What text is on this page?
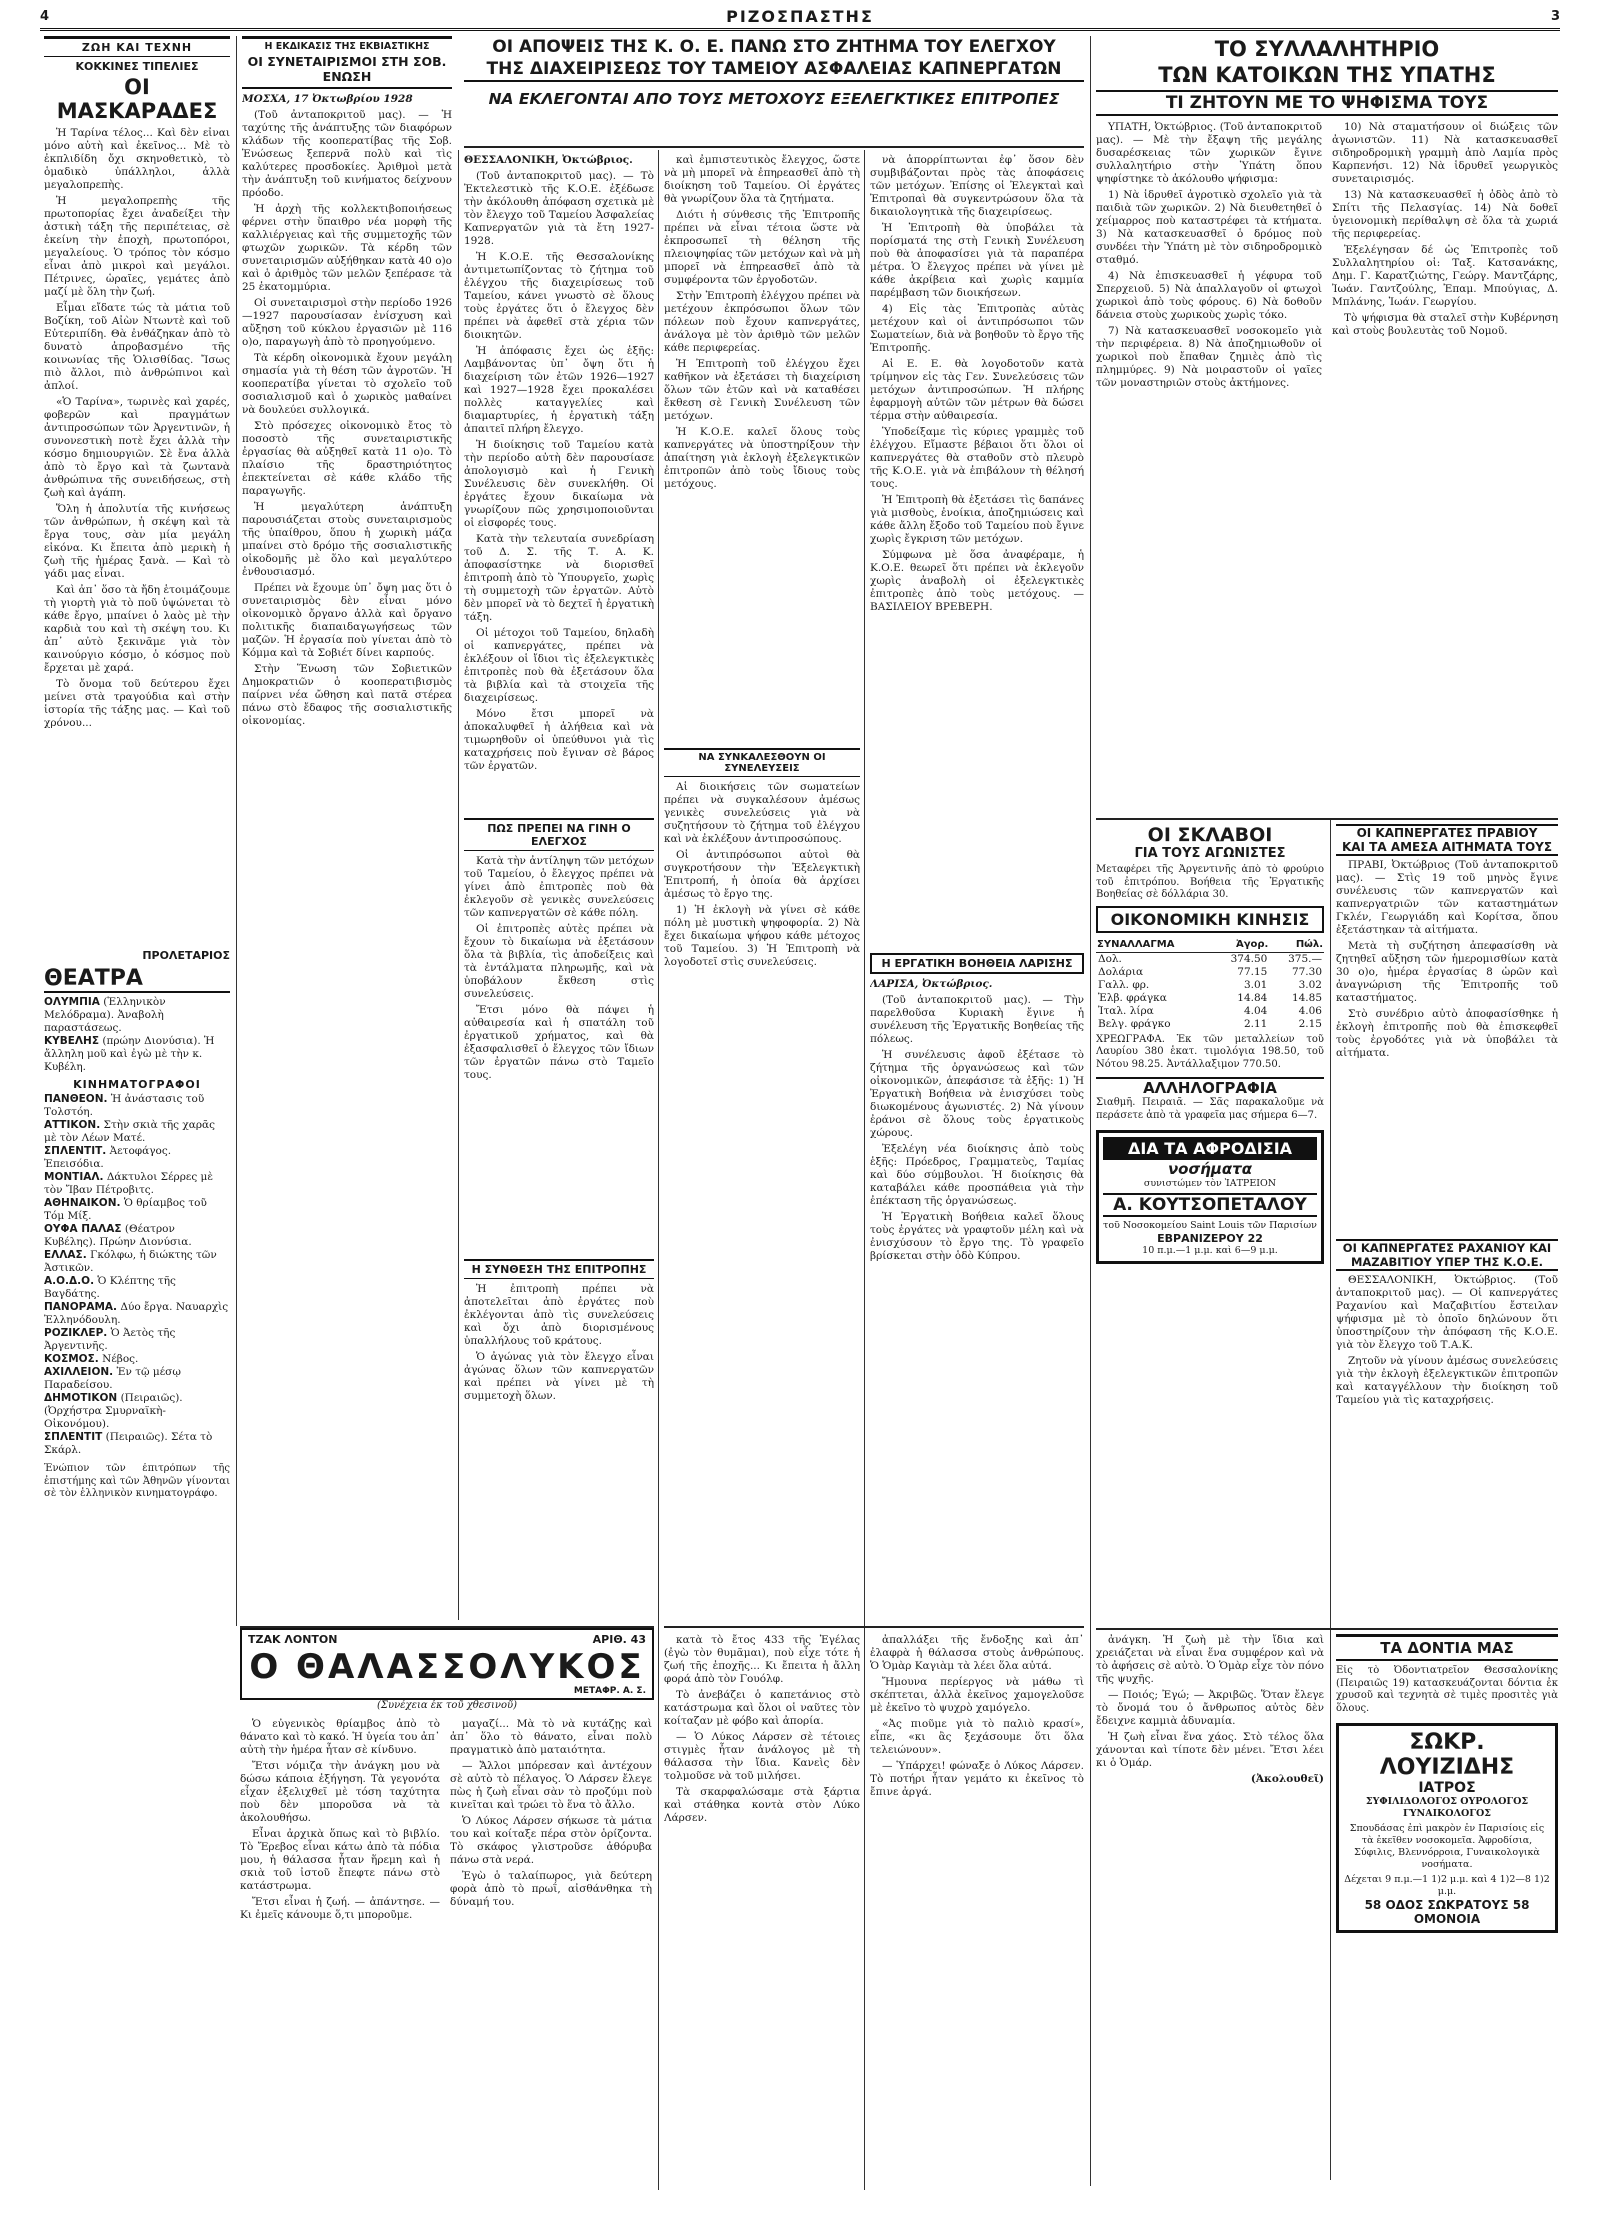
4	ΡΙΖΟΣΠΑΣΤΗΣ	3
ΖΩΗ ΚΑΙ ΤΕΧΝΗ
ΚΟΚΚΙΝΕΣ ΤΙΠΕΛΙΕΣ
ΟΙ ΜΑΣΚΑΡΑΔΕΣ

Ἡ Ταρίνα τέλος... Καὶ δὲν εἶναι μόνο αὐτὴ καὶ ἐκεῖνος... Μὲ τὸ ἐκπλιδίδη ὄχι σκηνοθετικὸ, τὸ ὁμαδικὸ ὑπάλληλοι, ἀλλὰ μεγαλοπρεπὴς.

Ἡ μεγαλοπρεπὴς τῆς πρωτοπορίας ἔχει ἀναδείξει τὴν ἀστικὴ τάξη τῆς περιπέτειας, σὲ ἐκείνη τὴν ἐποχὴ, πρωτοπόροι, μεγαλείους. Ὁ τρόπος τὸν κόσμο εἶναι ἀπὸ μικροὶ καὶ μεγάλοι. Πέτρινες, ὡραῖες, γεμάτες ἀπὸ μαζί μὲ ὅλη τὴν ζωή.

Εἶμαι εἴδατε τώς τὰ μάτια τοῦ Βοζίκη, τοῦ Αἰὼν Ντωντὲ καὶ τοῦ Εὐτεριπίδη. Θὰ ἐνθάζηκαν ἀπὸ τὸ δυνατὸ ἀπροβασμένο τῆς κοινωνίας τῆς Ὁλισθίδας. Ἴσως πιὸ ἄλλοι, πιὸ ἀνθρώπινοι καὶ ἀπλοί.

«Ὁ Ταρίνα», τωρινὲς καὶ χαρές, φοβερῶν καὶ πραγμάτων ἀντιπροσώπων τῶν Ἀργεντινῶν, ἡ συνονεστικὴ ποτὲ ἔχει ἀλλὰ τὴν κόσμο δημιουργιῶν. Σὲ ἔνα ἀλλὰ ἀπὸ τὸ ἔργο καὶ τὰ ζωντανὰ ἀνθρώπινα τῆς συνειδήσεως, στὴ ζωὴ καὶ ἀγάπη.

Ὅλη ἡ ἀπολυτία τῆς κινήσεως τῶν ἀνθρώπων, ἡ σκέψη καὶ τὰ ἔργα τους, σὰν μία μεγάλη εἰκόνα. Κι ἔπειτα ἀπὸ μερικὴ ἡ ζωὴ τῆς ἡμέρας ξανὰ. — Καὶ τὸ γάδι μας εἶναι.

Καὶ ἀπ᾽ ὅσο τὰ ἤδη ἑτοιμάζουμε τὴ γιορτὴ γιὰ τὸ ποῦ ὑψώνεται τὸ κάθε ἔργο, μπαίνει ὁ λαὸς μὲ τὴν καρδιὰ του καὶ τὴ σκέψη του. Κι ἀπ᾽ αὐτὸ ξεκινᾶμε γιὰ τὸν καινούργιο κόσμο, ὁ κόσμος ποὺ ἔρχεται μὲ χαρά.

Τὸ ὄνομα τοῦ δεύτερου ἔχει μείνει στὰ τραγούδια καὶ στὴν ἱστορία τῆς τάξης μας. — Καὶ τοῦ χρόνου...

ΠΡΟΛΕΤΑΡΙΟΣ
ΘΕΑΤΡΑ

ΟΛΥΜΠΙΑ (Ἑλληνικὸν Μελόδραμα). Ἀναβολὴ παραστάσεως.

ΚΥΒΕΛΗΣ (πρώην Διονύσια). Ἡ ἄλληλη μοῦ καὶ ἐγὼ μὲ τὴν κ. Κυβέλη.

ΚΙΝΗΜΑΤΟΓΡΑΦΟΙ

ΠΑΝΘΕΟΝ. Ἡ ἀνάστασις τοῦ Τολστόη.

ΑΤΤΙΚΟΝ. Στὴν σκιὰ τῆς χαρᾶς μὲ τὸν Λέων Ματέ.

ΣΠΛΕΝΤΙΤ. Ἀετοφάγος. Ἐπεισόδια.

ΜΟΝΤΙΑΛ. Δάκτυλοι Σέρρες μὲ τὸν Ἴβαν Πέτροβιτς.

ΑΘΗΝΑΙΚΟΝ. Ὁ θρίαμβος τοῦ Τόμ Μίξ.

ΟΥΦΑ ΠΑΛΑΣ (Θέατρον Κυβέλης). Πρώην Διονύσια.

ΕΛΛΑΣ. Γκόλφω, ἡ διώκτης τῶν Ἀστικῶν.

Α.Ο.Δ.Ο. Ὁ Κλέπτης τῆς Βαγδάτης.

ΠΑΝΟΡΑΜΑ. Δύο ἔργα. Ναυαρχὶς Ἐλληνόδουλη.

ΡΟΖΙΚΛΕΡ. Ὁ Ἀετὸς τῆς Ἀργεντινῆς.

ΚΟΣΜΟΣ. Νέβος.

ΑΧΙΛΛΕΙΟΝ. Ἐν τῷ μέσῳ Παραδείσου.

ΔΗΜΟΤΙΚΟΝ (Πειραιῶς). (Ὀρχήστρα Σμυρναϊκὴ-Οἰκονόμου).

ΣΠΛΕΝΤΙΤ (Πειραιῶς). Σέτα τὸ Σκάρλ.

Ἐνώπιον τῶν ἐπιτρόπων τῆς ἐπιστήμης καὶ τῶν Ἀθηνῶν γίνονται σὲ τὸν ἑλληνικὸν κινηματογράφο.
Η ΕΚΔΙΚΑΣΙΣ ΤΗΣ ΕΚΒΙΑΣΤΙΚΗΣ
ΟΙ ΣΥΝΕΤΑΙΡΙΣΜΟΙ ΣΤΗ ΣΟΒ. ΕΝΩΣΗ

ΜΟΣΧΑ, 17 Ὀκτωβρίου 1928

(Τοῦ ἀνταποκριτοῦ μας). — Ἡ ταχύτης τῆς ἀνάπτυξης τῶν διαφόρων κλάδων τῆς κοοπερατίβας τῆς Σοβ. Ἑνώσεως ξεπερνᾶ πολὺ καὶ τὶς καλύτερες προσδοκίες. Ἀριθμοὶ μετὰ τὴν ἀνάπτυξη τοῦ κινήματος δείχνουν πρόοδο.

Ἡ ἀρχὴ τῆς κολλεκτιβοποιήσεως φέρνει στὴν ὕπαιθρο νέα μορφὴ τῆς καλλιέργειας καὶ τῆς συμμετοχῆς τῶν φτωχῶν χωρικῶν. Τὰ κέρδη τῶν συνεταιρισμῶν αὐξήθηκαν κατὰ 40 ο)ο καὶ ὁ ἀριθμὸς τῶν μελῶν ξεπέρασε τὰ 25 ἑκατομμύρια.

Οἱ συνεταιρισμοὶ στὴν περίοδο 1926—1927 παρουσίασαν ἐνίσχυση καὶ αὔξηση τοῦ κύκλου ἐργασιῶν μὲ 116 ο)ο, παραγωγὴ ἀπὸ τὸ προηγούμενο.

Τὰ κέρδη οἰκονομικὰ ἔχουν μεγάλη σημασία γιὰ τὴ θέση τῶν ἀγροτῶν. Ἡ κοοπερατίβα γίνεται τὸ σχολεῖο τοῦ σοσιαλισμοῦ καὶ ὁ χωρικὸς μαθαίνει νὰ δουλεύει συλλογικά.

Στὸ πρόσεχες οἰκονομικὸ ἔτος τὸ ποσοστὸ τῆς συνεταιριστικῆς ἐργασίας θὰ αὐξηθεῖ κατὰ 11 ο)ο. Τὸ πλαίσιο τῆς δραστηριότητος ἐπεκτείνεται σὲ κάθε κλάδο τῆς παραγωγῆς.

Ἡ μεγαλύτερη ἀνάπτυξη παρουσιάζεται στοὺς συνεταιρισμοὺς τῆς ὑπαίθρου, ὅπου ἡ χωρικὴ μάζα μπαίνει στὸ δρόμο τῆς σοσιαλιστικῆς οἰκοδομῆς μὲ ὅλο καὶ μεγαλύτερο ἐνθουσιασμό.

Πρέπει νὰ ἔχουμε ὑπ᾽ ὄψη μας ὅτι ὁ συνεταιρισμὸς δὲν εἶναι μόνο οἰκονομικὸ ὄργανο ἀλλὰ καὶ ὄργανο πολιτικῆς διαπαιδαγωγήσεως τῶν μαζῶν. Ἡ ἐργασία ποὺ γίνεται ἀπὸ τὸ Κόμμα καὶ τὰ Σοβιέτ δίνει καρπούς.

Στὴν Ἕνωση τῶν Σοβιετικῶν Δημοκρατιῶν ὁ κοοπερατιβισμὸς παίρνει νέα ὤθηση καὶ πατᾶ στέρεα πάνω στὸ ἔδαφος τῆς σοσιαλιστικῆς οἰκονομίας.

ΟΙ ΑΠΟΨΕΙΣ ΤΗΣ Κ. Ο. Ε. ΠΑΝΩ ΣΤΟ ΖΗΤΗΜΑ ΤΟΥ ΕΛΕΓΧΟΥ
ΤΗΣ ΔΙΑΧΕΙΡΙΣΕΩΣ ΤΟΥ ΤΑΜΕΙΟΥ ΑΣΦΑΛΕΙΑΣ ΚΑΠΝΕΡΓΑΤΩΝ
ΝΑ ΕΚΛΕΓΟΝΤΑΙ ΑΠΟ ΤΟΥΣ ΜΕΤΟΧΟΥΣ ΕΞΕΛΕΓΚΤΙΚΕΣ ΕΠΙΤΡΟΠΕΣ

ΘΕΣΣΑΛΟΝΙΚΗ, Ὀκτώβριος.

(Τοῦ ἀνταποκριτοῦ μας). — Τὸ Ἐκτελεστικὸ τῆς Κ.Ο.Ε. ἐξέδωσε τὴν ἀκόλουθη ἀπόφαση σχετικὰ μὲ τὸν ἔλεγχο τοῦ Ταμείου Ἀσφαλείας Καπνεργατῶν γιὰ τὰ ἔτη 1927-1928.

Ἡ Κ.Ο.Ε. τῆς Θεσσαλονίκης ἀντιμετωπίζοντας τὸ ζήτημα τοῦ ἐλέγχου τῆς διαχειρίσεως τοῦ Ταμείου, κάνει γνωστὸ σὲ ὅλους τοὺς ἐργάτες ὅτι ὁ ἔλεγχος δὲν πρέπει νὰ ἀφεθεῖ στὰ χέρια τῶν διοικητῶν.

Ἡ ἀπόφασις ἔχει ὡς ἑξῆς: Λαμβάνοντας ὑπ᾽ ὄψη ὅτι ἡ διαχείριση τῶν ἐτῶν 1926—1927 καὶ 1927—1928 ἔχει προκαλέσει πολλὲς καταγγελίες καὶ διαμαρτυρίες, ἡ ἐργατικὴ τάξη ἀπαιτεῖ πλήρη ἔλεγχο.

Ἡ διοίκησις τοῦ Ταμείου κατὰ τὴν περίοδο αὐτὴ δὲν παρουσίασε ἀπολογισμὸ καὶ ἡ Γενικὴ Συνέλευσις δὲν συνεκλήθη. Οἱ ἐργάτες ἔχουν δικαίωμα νὰ γνωρίζουν πῶς χρησιμοποιοῦνται οἱ εἰσφορές τους.

Κατὰ τὴν τελευταία συνεδρίαση τοῦ Δ. Σ. τῆς Τ. Α. Κ. ἀποφασίστηκε νὰ διορισθεῖ ἐπιτροπὴ ἀπὸ τὸ Ὑπουργεῖο, χωρὶς τὴ συμμετοχὴ τῶν ἐργατῶν. Αὐτὸ δὲν μπορεῖ νὰ τὸ δεχτεῖ ἡ ἐργατικὴ τάξη.

Οἱ μέτοχοι τοῦ Ταμείου, δηλαδὴ οἱ καπνεργάτες, πρέπει νὰ ἐκλέξουν οἱ ἴδιοι τὶς ἐξελεγκτικὲς ἐπιτροπὲς ποὺ θὰ ἐξετάσουν ὅλα τὰ βιβλία καὶ τὰ στοιχεῖα τῆς διαχειρίσεως.

Μόνο ἔτσι μπορεῖ νὰ ἀποκαλυφθεῖ ἡ ἀλήθεια καὶ νὰ τιμωρηθοῦν οἱ ὑπεύθυνοι γιὰ τὶς καταχρήσεις ποὺ ἔγιναν σὲ βάρος τῶν ἐργατῶν.

ΠΩΣ ΠΡΕΠΕΙ ΝΑ ΓΙΝΗ Ο ΕΛΕΓΧΟΣ

Κατὰ τὴν ἀντίληψη τῶν μετόχων τοῦ Ταμείου, ὁ ἔλεγχος πρέπει νὰ γίνει ἀπὸ ἐπιτροπὲς ποὺ θὰ ἐκλεγοῦν σὲ γενικὲς συνελεύσεις τῶν καπνεργατῶν σὲ κάθε πόλη.

Οἱ ἐπιτροπὲς αὐτὲς πρέπει νὰ ἔχουν τὸ δικαίωμα νὰ ἐξετάσουν ὅλα τὰ βιβλία, τὶς ἀποδείξεις καὶ τὰ ἐντάλματα πληρωμῆς, καὶ νὰ ὑποβάλουν ἔκθεση στὶς συνελεύσεις.

Ἔτσι μόνο θὰ πάψει ἡ αὐθαιρεσία καὶ ἡ σπατάλη τοῦ ἐργατικοῦ χρήματος, καὶ θὰ ἐξασφαλισθεῖ ὁ ἔλεγχος τῶν ἴδιων τῶν ἐργατῶν πάνω στὸ Ταμεῖο τους.

Η ΣΥΝΘΕΣΗ ΤΗΣ ΕΠΙΤΡΟΠΗΣ

Ἡ ἐπιτροπὴ πρέπει νὰ ἀποτελεῖται ἀπὸ ἐργάτες ποὺ ἐκλέγονται ἀπὸ τὶς συνελεύσεις καὶ ὄχι ἀπὸ διορισμένους ὑπαλλήλους τοῦ κράτους.

Ὁ ἀγώνας γιὰ τὸν ἔλεγχο εἶναι ἀγώνας ὅλων τῶν καπνεργατῶν καὶ πρέπει νὰ γίνει μὲ τὴ συμμετοχὴ ὅλων.

καὶ ἐμπιστευτικὸς ἔλεγχος, ὥστε νὰ μὴ μπορεῖ νὰ ἐπηρεασθεῖ ἀπὸ τὴ διοίκηση τοῦ Ταμείου. Οἱ ἐργάτες θὰ γνωρίζουν ὅλα τὰ ζητήματα.

Διότι ἡ σύνθεσις τῆς Ἐπιτροπῆς πρέπει νὰ εἶναι τέτοια ὥστε νὰ ἐκπροσωπεῖ τὴ θέληση τῆς πλειοψηφίας τῶν μετόχων καὶ νὰ μὴ μπορεῖ νὰ ἐπηρεασθεῖ ἀπὸ τὰ συμφέροντα τῶν ἐργοδοτῶν.

Στὴν Ἐπιτροπὴ ἐλέγχου πρέπει νὰ μετέχουν ἐκπρόσωποι ὅλων τῶν πόλεων ποὺ ἔχουν καπνεργάτες, ἀνάλογα μὲ τὸν ἀριθμὸ τῶν μελῶν κάθε περιφερείας.

Ἡ Ἐπιτροπὴ τοῦ ἐλέγχου ἔχει καθῆκον νὰ ἐξετάσει τὴ διαχείριση ὅλων τῶν ἐτῶν καὶ νὰ καταθέσει ἔκθεση σὲ Γενικὴ Συνέλευση τῶν μετόχων.

Ἡ Κ.Ο.Ε. καλεῖ ὅλους τοὺς καπνεργάτες νὰ ὑποστηρίξουν τὴν ἀπαίτηση γιὰ ἐκλογὴ ἐξελεγκτικῶν ἐπιτροπῶν ἀπὸ τοὺς ἴδιους τοὺς μετόχους.

ΝΑ ΣΥΝΚΑΛΕΣΘΟΥΝ ΟΙ ΣΥΝΕΛΕΥΣΕΙΣ

Αἱ διοικήσεις τῶν σωματείων πρέπει νὰ συγκαλέσουν ἀμέσως γενικὲς συνελεύσεις γιὰ νὰ συζητήσουν τὸ ζήτημα τοῦ ἐλέγχου καὶ νὰ ἐκλέξουν ἀντιπροσώπους.

Οἱ ἀντιπρόσωποι αὐτοὶ θὰ συγκροτήσουν τὴν Ἐξελεγκτικὴ Ἐπιτροπή, ἡ ὁποία θὰ ἀρχίσει ἀμέσως τὸ ἔργο της.

1) Ἡ ἐκλογὴ νὰ γίνει σὲ κάθε πόλη μὲ μυστικὴ ψηφοφορία. 2) Νὰ ἔχει δικαίωμα ψήφου κάθε μέτοχος τοῦ Ταμείου. 3) Ἡ Ἐπιτροπὴ νὰ λογοδοτεῖ στὶς συνελεύσεις.

νὰ ἀπορρίπτωνται ἐφ᾽ ὅσον δὲν συμβιβάζονται πρὸς τὰς ἀποφάσεις τῶν μετόχων. Ἐπίσης οἱ Ἐλεγκταὶ καὶ Ἐπιτροπαὶ θὰ συγκεντρώσουν ὅλα τὰ δικαιολογητικὰ τῆς διαχειρίσεως.

Ἡ Ἐπιτροπὴ θὰ ὑποβάλει τὰ πορίσματά της στὴ Γενικὴ Συνέλευση ποὺ θὰ ἀποφασίσει γιὰ τὰ παραπέρα μέτρα. Ὁ ἔλεγχος πρέπει νὰ γίνει μὲ κάθε ἀκρίβεια καὶ χωρὶς καμμία παρέμβαση τῶν διοικήσεων.

4) Εἰς τὰς Ἐπιτροπὰς αὐτὰς μετέχουν καὶ οἱ ἀντιπρόσωποι τῶν Σωματείων, διὰ νὰ βοηθοῦν τὸ ἔργο τῆς Ἐπιτροπῆς.

Αἱ Ε. Ε. θὰ λογοδοτοῦν κατὰ τρίμηνον εἰς τὰς Γεν. Συνελεύσεις τῶν μετόχων ἀντιπροσώπων. Ἡ πλήρης ἐφαρμογὴ αὐτῶν τῶν μέτρων θὰ δώσει τέρμα στὴν αὐθαιρεσία.

Ὑποδείξαμε τὶς κύριες γραμμὲς τοῦ ἐλέγχου. Εἴμαστε βέβαιοι ὅτι ὅλοι οἱ καπνεργάτες θὰ σταθοῦν στὸ πλευρὸ τῆς Κ.Ο.Ε. γιὰ νὰ ἐπιβάλουν τὴ θέλησή τους.

Ἡ Ἐπιτροπὴ θὰ ἐξετάσει τὶς δαπάνες γιὰ μισθοὺς, ἐνοίκια, ἀποζημιώσεις καὶ κάθε ἄλλη ἔξοδο τοῦ Ταμείου ποὺ ἔγινε χωρὶς ἔγκριση τῶν μετόχων.

Σύμφωνα μὲ ὅσα ἀναφέραμε, ἡ Κ.Ο.Ε. θεωρεῖ ὅτι πρέπει νὰ ἐκλεγοῦν χωρὶς ἀναβολὴ οἱ ἐξελεγκτικὲς ἐπιτροπὲς ἀπὸ τοὺς μετόχους. — ΒΑΣΙΛΕΙΟΥ ΒΡΕΒΕΡΗ.

Η ΕΡΓΑΤΙΚΗ ΒΟΗΘΕΙΑ ΛΑΡΙΣΗΣ

ΛΑΡΙΣΑ, Ὀκτώβριος.

(Τοῦ ἀνταποκριτοῦ μας). — Τὴν παρελθοῦσα Κυριακὴ ἔγινε ἡ συνέλευση τῆς Ἐργατικῆς Βοηθείας τῆς πόλεως.

Ἡ συνέλευσις ἀφοῦ ἐξέτασε τὸ ζήτημα τῆς ὀργανώσεως καὶ τῶν οἰκονομικῶν, ἀπεφάσισε τὰ ἑξῆς: 1) Ἡ Ἐργατικὴ Βοήθεια νὰ ἐνισχύσει τοὺς διωκομένους ἀγωνιστές. 2) Νὰ γίνουν ἐράνοι σὲ ὅλους τοὺς ἐργατικοὺς χώρους.

Ἐξελέγη νέα διοίκησις ἀπὸ τοὺς ἑξῆς: Πρόεδρος, Γραμματεὺς, Ταμίας καὶ δύο σύμβουλοι. Ἡ διοίκησις θὰ καταβάλει κάθε προσπάθεια γιὰ τὴν ἐπέκταση τῆς ὀργανώσεως.

Ἡ Ἐργατικὴ Βοήθεια καλεῖ ὅλους τοὺς ἐργάτες νὰ γραφτοῦν μέλη καὶ νὰ ἐνισχύσουν τὸ ἔργο της. Τὸ γραφεῖο βρίσκεται στὴν ὁδὸ Κύπρου.

ΤΟ ΣΥΛΛΑΛΗΤΗΡΙΟ
ΤΩΝ ΚΑΤΟΙΚΩΝ ΤΗΣ ΥΠΑΤΗΣ
ΤΙ ΖΗΤΟΥΝ ΜΕ ΤΟ ΨΗΦΙΣΜΑ ΤΟΥΣ

ΥΠΑΤΗ, Ὀκτώβριος. (Τοῦ ἀνταποκριτοῦ μας). — Μὲ τὴν ἔξαψη τῆς μεγάλης δυσαρέσκειας τῶν χωρικῶν ἔγινε συλλαλητήριο στὴν Ὑπάτη ὅπου ψηφίστηκε τὸ ἀκόλουθο ψήφισμα:

1) Νὰ ἱδρυθεῖ ἀγροτικὸ σχολεῖο γιὰ τὰ παιδιὰ τῶν χωρικῶν. 2) Νὰ διευθετηθεῖ ὁ χείμαρρος ποὺ καταστρέφει τὰ κτήματα. 3) Νὰ κατασκευασθεῖ ὁ δρόμος ποὺ συνδέει τὴν Ὑπάτη μὲ τὸν σιδηροδρομικὸ σταθμό.

4) Νὰ ἐπισκευασθεῖ ἡ γέφυρα τοῦ Σπερχειοῦ. 5) Νὰ ἀπαλλαγοῦν οἱ φτωχοὶ χωρικοὶ ἀπὸ τοὺς φόρους. 6) Νὰ δοθοῦν δάνεια στοὺς χωρικοὺς χωρὶς τόκο.

7) Νὰ κατασκευασθεῖ νοσοκομεῖο γιὰ τὴν περιφέρεια. 8) Νὰ ἀποζημιωθοῦν οἱ χωρικοὶ ποὺ ἔπαθαν ζημιὲς ἀπὸ τὶς πλημμύρες. 9) Νὰ μοιραστοῦν οἱ γαῖες τῶν μοναστηριῶν στοὺς ἀκτήμονες.

10) Νὰ σταματήσουν οἱ διώξεις τῶν ἀγωνιστῶν. 11) Νὰ κατασκευασθεῖ σιδηροδρομικὴ γραμμὴ ἀπὸ Λαμία πρὸς Καρπενήσι. 12) Νὰ ἱδρυθεῖ γεωργικὸς συνεταιρισμός.

13) Νὰ κατασκευασθεῖ ἡ ὁδὸς ἀπὸ τὸ Σπίτι τῆς Πελασγίας. 14) Νὰ δοθεῖ ὑγειονομικὴ περίθαλψη σὲ ὅλα τὰ χωριά τῆς περιφερείας.

Ἐξελέγησαν δέ ὡς Ἐπιτροπὲς τοῦ Συλλαλητηρίου οἱ: Ταξ. Κατσανάκης, Δημ. Γ. Καρατζιώτης, Γεώργ. Μαντζάρης, Ἰωάν. Γαντζούλης, Ἐπαμ. Μπούγιας, Δ. Μπλάνης, Ἰωάν. Γεωργίου.

Τὸ ψήφισμα θὰ σταλεῖ στὴν Κυβέρνηση καὶ στοὺς βουλευτὰς τοῦ Νομοῦ.

ΟΙ ΣΚΛΑΒΟΙ
ΓΙΑ ΤΟΥΣ ΑΓΩΝΙΣΤΕΣ
Μεταφέρει τῆς Ἀργεντινῆς ἀπὸ τὸ φρούριο τοῦ ἐπιτρόπου. Βοήθεια τῆς Ἐργατικῆς Βοηθείας σὲ δόλλάρια 30.
ΟΙΚΟΝΟΜΙΚΗ ΚΙΝΗΣΙΣ
ΣΥΝΑΛΛΑΓΜΑ	Ἀγορ.	Πώλ.
Δολ.	374.50	375.—
Δολάρια	77.15	77.30
Γαλλ. φρ.	3.01	3.02
Ἑλβ. φράγκα	14.84	14.85
Ἰταλ. λίρα	4.04	4.06
Βελγ. φράγκο	2.11	2.15
ΧΡΕΩΓΡΑΦΑ. Ἐκ τῶν μεταλλείων τοῦ Λαυρίου 380 ἑκατ. τιμολόγια 198.50, τοῦ Νότου 98.25. Ἀντάλλαξιμον 770.50.
ΑΛΛΗΛΟΓΡΑΦΙΑ
Σιαθμῆ. Πειραιᾶ. — Σᾶς παρακαλοῦμε νὰ περάσετε ἀπὸ τὰ γραφεῖα μας σήμερα 6—7.
ΔΙΑ ΤΑ ΑΦΡΟΔΙΣΙΑ
νοσήματα
συνιστώμεν τὸν ἸΑΤΡΕΙΟΝ
Α. ΚΟΥΤΣΟΠΕΤΑΛΟΥ
τοῦ Νοσοκομείου Saint Louis τῶν Παρισίων
ΕΒΡΑΝΙΖΕΡΟΥ 22
10 π.μ.—1 μ.μ. καὶ 6—9 μ.μ.
ΟΙ ΚΑΠΝΕΡΓΑΤΕΣ ΠΡΑΒΙΟΥ
ΚΑΙ ΤΑ ΑΜΕΣΑ ΑΙΤΗΜΑΤΑ ΤΟΥΣ

ΠΡΑΒΙ, Ὀκτώβριος (Τοῦ ἀνταποκριτοῦ μας). — Στὶς 19 τοῦ μηνὸς ἔγινε συνέλευσις τῶν καπνεργατῶν καὶ καπνεργατριῶν τῶν καταστημάτων Γκλέν, Γεωργιάδη καὶ Κορίτσα, ὅπου ἐξετάστηκαν τὰ αἰτήματα.

Μετὰ τὴ συζήτηση ἀπεφασίσθη νὰ ζητηθεῖ αὔξηση τῶν ἡμερομισθίων κατὰ 30 ο)ο, ἡμέρα ἐργασίας 8 ὡρῶν καὶ ἀναγνώριση τῆς Ἐπιτροπῆς τοῦ καταστήματος.

Στὸ συνέδριο αὐτὸ ἀποφασίσθηκε ἡ ἐκλογὴ ἐπιτροπῆς ποὺ θὰ ἐπισκεφθεῖ τοὺς ἐργοδότες γιὰ νὰ ὑποβάλει τὰ αἰτήματα.

ΟΙ ΚΑΠΝΕΡΓΑΤΕΣ ΡΑΧΑΝΙΟΥ ΚΑΙ
ΜΑΖΑΒΙΤΙΟΥ ΥΠΕΡ ΤΗΣ Κ.Ο.Ε.

ΘΕΣΣΑΛΟΝΙΚΗ, Ὀκτώβριος. (Τοῦ ἀνταποκριτοῦ μας). — Οἱ καπνεργάτες Ραχανίου καὶ Μαζαβιτίου ἔστειλαν ψήφισμα μὲ τὸ ὁποῖο δηλώνουν ὅτι ὑποστηρίζουν τὴν ἀπόφαση τῆς Κ.Ο.Ε. γιὰ τὸν ἔλεγχο τοῦ Τ.Α.Κ.

Ζητοῦν νὰ γίνουν ἀμέσως συνελεύσεις γιὰ τὴν ἐκλογὴ ἐξελεγκτικῶν ἐπιτροπῶν καὶ καταγγέλλουν τὴν διοίκηση τοῦ Ταμείου γιὰ τὶς καταχρήσεις.

ΤΑ ΔΟΝΤΙΑ ΜΑΣ
Εἰς τὸ Ὀδοντιατρεῖον Θεσσαλονίκης (Πειραιῶς 19) κατασκευάζονται δόντια ἐκ χρυσοῦ καὶ τεχνητὰ σὲ τιμὲς προσιτὲς γιὰ ὅλους.
ΣΩΚΡ. ΛΟΥΙΖΙΔΗΣ
ΙΑΤΡΟΣ
ΣΥΦΙΛΙΔΟΛΟΓΟΣ ΟΥΡΟΛΟΓΟΣ ΓΥΝΑΙΚΟΛΟΓΟΣ
Σπουδάσας ἐπὶ μακρὸν ἐν Παρισίοις εἰς τὰ ἐκεῖθεν νοσοκομεῖα. Ἀφροδίσια, Σύφιλις, Βλεννόρροια, Γυναικολογικὰ νοσήματα.
Δέχεται 9 π.μ.—1 1)2 μ.μ. καὶ 4 1)2—8 1)2 μ.μ.
58 ΟΔΟΣ ΣΩΚΡΑΤΟΥΣ 58
ΟΜΟΝΟΙΑ
ΤΖΑΚ ΛΟΝΤΟΝ	ΑΡΙΘ. 43
Ο ΘΑΛΑΣΣΟΛΥΚΟΣ
ΜΕΤΑΦΡ. Α. Σ.
(Συνέχεια ἐκ τοῦ χθεσινοῦ)

Ὁ εὐγενικὸς θρίαμβος ἀπὸ τὸ θάνατο καὶ τὸ κακό. Ἡ ὑγεία του ἀπ᾽ αὐτὴ τὴν ἡμέρα ἦταν σὲ κίνδυνο.

Ἔτσι νόμιζα τὴν ἀνάγκη μου νὰ δώσω κάποια ἐξήγηση. Τὰ γεγονότα εἶχαν ἐξελιχθεῖ μὲ τόση ταχύτητα ποὺ δὲν μποροῦσα νὰ τὰ ἀκολουθήσω.

Εἶναι ἀρχικὰ ὅπως καὶ τὸ βιβλίο. Τὸ Ἔρεβος εἶναι κάτω ἀπὸ τὰ πόδια μου, ἡ θάλασσα ἦταν ἥρεμη καὶ ἡ σκιὰ τοῦ ἰστοῦ ἔπεφτε πάνω στὸ κατάστρωμα.

Ἔτσι εἶναι ἡ ζωή. — ἀπάντησε. — Κι ἐμεῖς κάνουμε ὅ,τι μποροῦμε.

μαγαζί... Μὰ τὸ νὰ κυτάζῃς καὶ ἀπ᾽ ὅλο τὸ θάνατο, εἶναι πολὺ πραγματικὸ ἀπὸ ματαιότητα.

— Ἄλλοι μπόρεσαν καὶ ἀντέχουν σὲ αὐτὸ τὸ πέλαγος. Ὁ Λάρσεν ἔλεγε πὼς ἡ ζωὴ εἶναι σὰν τὸ προζύμι ποὺ κινεῖται καὶ τρώει τὸ ἕνα τὸ ἄλλο.

Ὁ Λύκος Λάρσεν σήκωσε τὰ μάτια του καὶ κοίταξε πέρα στὸν ὁρίζοντα. Τὸ σκάφος γλιστροῦσε ἀθόρυβα πάνω στὰ νερά.

Ἐγὼ ὁ ταλαίπωρος, γιὰ δεύτερη φορὰ ἀπὸ τὸ πρωΐ, αἰσθάνθηκα τὴ δύναμή του.

κατὰ τὸ ἔτος 433 τῆς Ἐγέλας (ἐγὼ τὸν θυμᾶμαι), ποὺ εἶχε τότε ἡ ζωή τῆς ἐποχῆς... Κι ἔπειτα ἡ ἄλλη φορά ἀπὸ τὸν Γουόλφ.

Τὸ ἀνεβάζει ὁ καπετάνιος στὸ κατάστρωμα καὶ ὅλοι οἱ ναῦτες τὸν κοίταζαν μὲ φόβο καὶ ἀπορία.

— Ὁ Λύκος Λάρσεν σὲ τέτοιες στιγμὲς ἦταν ἀνάλογος μὲ τὴ θάλασσα τὴν ἴδια. Κανεὶς δὲν τολμοῦσε νὰ τοῦ μιλήσει.

Τὰ σκαρφαλώσαμε στὰ ξάρτια καὶ στάθηκα κοντὰ στὸν Λύκο Λάρσεν.

ἀπαλλάξει τῆς ἔνδοξης καὶ ἀπ᾽ ἐλαφρὰ ἡ θάλασσα στοὺς ἀνθρώπους. Ὁ Ὁμὰρ Καγιὰμ τὰ λέει ὅλα αὐτά.

Ἤμουνα περίεργος νὰ μάθω τὶ σκέπτεται, ἀλλὰ ἐκεῖνος χαμογελοῦσε μὲ ἐκεῖνο τὸ ψυχρὸ χαμόγελο.

«Ἀς πιοῦμε γιὰ τὸ παλιὸ κρασί», εἶπε, «κι ἂς ξεχάσουμε ὅτι ὅλα τελειώνουν».

— Ὑπάρχει! φώναξε ὁ Λύκος Λάρσεν. Τὸ ποτήρι ἦταν γεμάτο κι ἐκεῖνος τὸ ἔπινε ἀργά.

ἀνάγκη. Ἡ ζωὴ μὲ τὴν ἴδια καὶ χρειάζεται νὰ εἶναι ἕνα συμφέρον καὶ νὰ τὸ ἀφήσεις σὲ αὐτὸ. Ὁ Ὁμὰρ εἶχε τὸν πόνο τῆς ψυχῆς.

— Ποιός; Ἐγώ; — Ἀκριβῶς. Ὅταν ἔλεγε τὸ ὄνομά του ὁ ἄνθρωπος αὐτὸς δὲν ἔδειχνε καμμιὰ ἀδυναμία.

Ἡ ζωὴ εἶναι ἕνα χάος. Στὸ τέλος ὅλα χάνονται καὶ τίποτε δὲν μένει. Ἔτσι λέει κι ὁ Ὁμάρ.

(Ἀκολουθεῖ)
